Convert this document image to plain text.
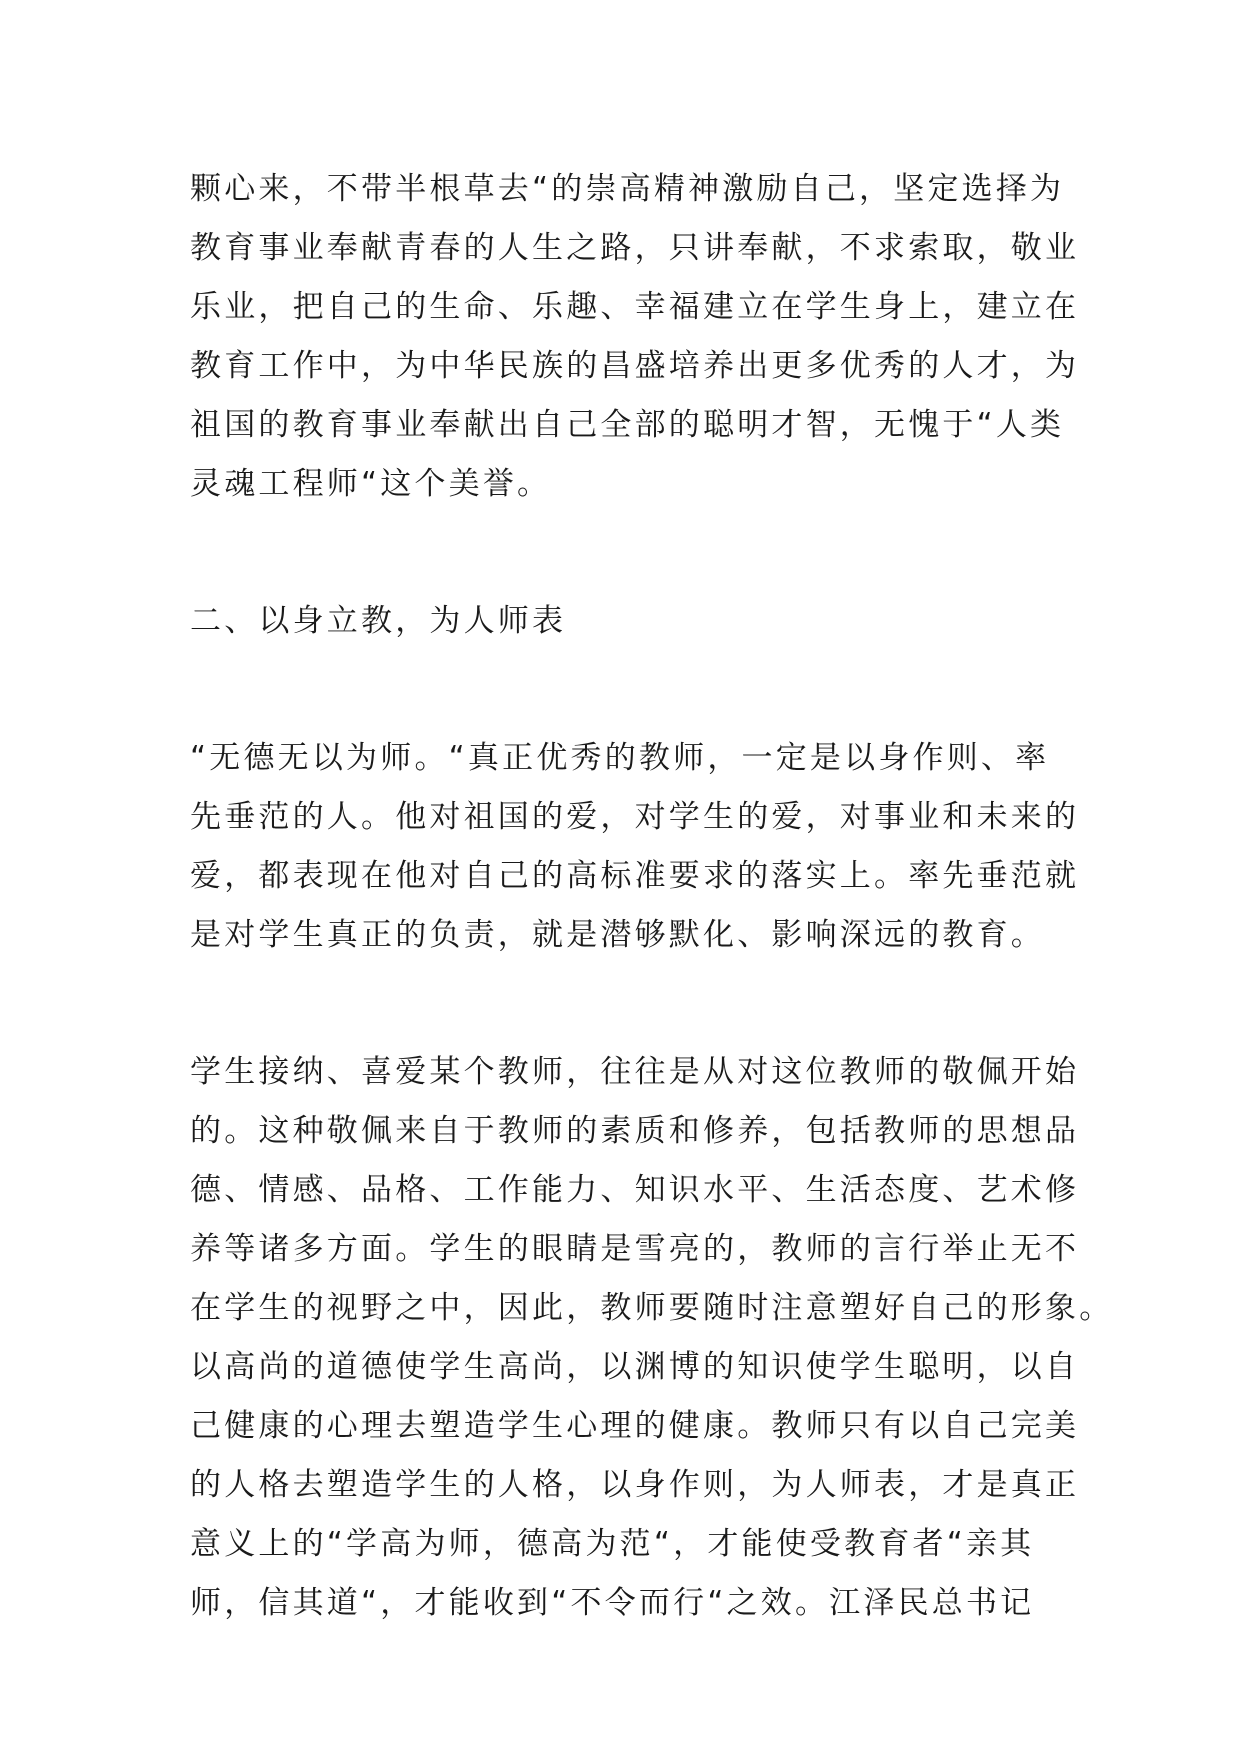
颗心来，不带半根草去“的崇高精神激励自己，坚定选择为
教育事业奉献青春的人生之路，只讲奉献，不求索取，敬业
乐业，把自己的生命、乐趣、幸福建立在学生身上，建立在
教育工作中，为中华民族的昌盛培养出更多优秀的人才，为
祖国的教育事业奉献出自己全部的聪明才智，无愧于“人类
灵魂工程师“这个美誉。
二、以身立教，为人师表
“无德无以为师。“真正优秀的教师，一定是以身作则、率
先垂范的人。他对祖国的爱，对学生的爱，对事业和未来的
爱，都表现在他对自己的高标准要求的落实上。率先垂范就
是对学生真正的负责，就是潜够默化、影响深远的教育。
学生接纳、喜爱某个教师，往往是从对这位教师的敬佩开始
的。这种敬佩来自于教师的素质和修养，包括教师的思想品
德、情感、品格、工作能力、知识水平、生活态度、艺术修
养等诸多方面。学生的眼睛是雪亮的，教师的言行举止无不
在学生的视野之中，因此，教师要随时注意塑好自己的形象。
以高尚的道德使学生高尚，以渊博的知识使学生聪明，以自
己健康的心理去塑造学生心理的健康。教师只有以自己完美
的人格去塑造学生的人格，以身作则，为人师表，才是真正
意义上的“学高为师，德高为范“，才能使受教育者“亲其
师，信其道“，才能收到“不令而行“之效。江泽民总书记
